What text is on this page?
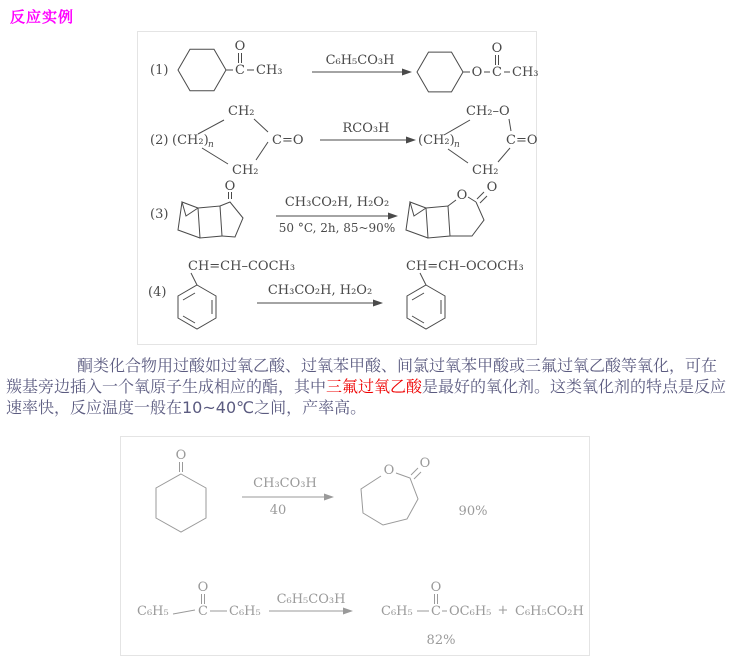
反应实例
(1)	C
O
CH₃
C₆H₅CO₃H
O C
O
CH₃
(2) (CH₂) n
CH₂
C=O
CH₂
RCO₃H
(CH₂) n
CH₂–O
C=O
CH₂
(3)
O
CH₃CO₂H, H₂O₂
50 °C, 2h, 85~90%
O
O
(4)
CH=CH–COCH₃
CH₃CO₂H, H₂O₂
CH=CH–OCOCH₃

酮类化合物用过酸如过氧乙酸、过氧苯甲酸、间氯过氧苯甲酸或三氟过氧乙酸等氧化，可在羰基旁边插入一个氧原子生成相应的酯，其中三氟过氧乙酸是最好的氧化剂。这类氧化剂的特点是反应速率快，反应温度一般在10~40℃之间，产率高。

O
CH₃CO₃H
40
O O
90%
C₆H₅ C
O
C₆H₅
C₆H₅CO₃H
C₆H₅ C
O
OC₆H₅ + C₆H₅CO₂H
82%
